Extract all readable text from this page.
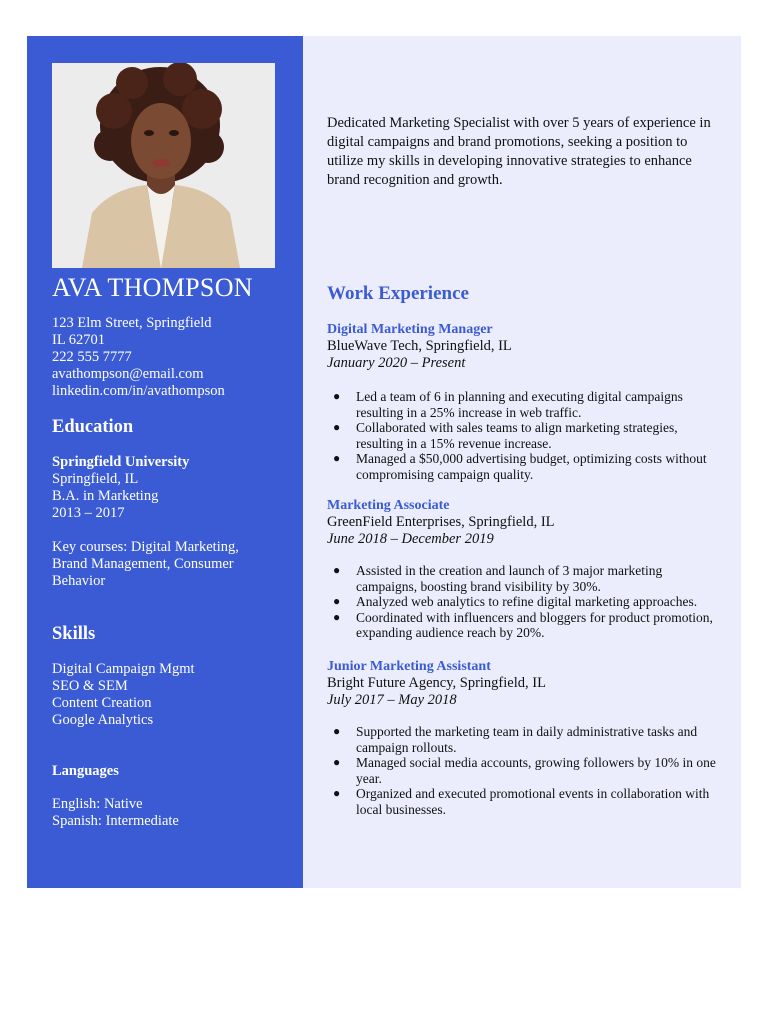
AVA THOMPSON
123 Elm Street, Springfield
IL 62701
222 555 7777
avathompson@email.com
linkedin.com/in/avathompson
Education
Springfield University
Springfield, IL
B.A. in Marketing
2013 – 2017
Key courses: Digital Marketing,
Brand Management, Consumer
Behavior
Skills
Digital Campaign Mgmt
SEO & SEM
Content Creation
Google Analytics
Languages
English: Native
Spanish: Intermediate
Dedicated Marketing Specialist with over 5 years of experience in digital campaigns and brand promotions, seeking a position to utilize my skills in developing innovative strategies to enhance brand recognition and growth.
Work Experience
Digital Marketing Manager
BlueWave Tech, Springfield, IL
January 2020 – Present
● Led a team of 6 in planning and executing digital campaigns resulting in a 25% increase in web traffic.
● Collaborated with sales teams to align marketing strategies, resulting in a 15% revenue increase.
● Managed a $50,000 advertising budget, optimizing costs without compromising campaign quality.
Marketing Associate
GreenField Enterprises, Springfield, IL
June 2018 – December 2019
● Assisted in the creation and launch of 3 major marketing campaigns, boosting brand visibility by 30%.
● Analyzed web analytics to refine digital marketing approaches.
● Coordinated with influencers and bloggers for product promotion, expanding audience reach by 20%.
Junior Marketing Assistant
Bright Future Agency, Springfield, IL
July 2017 – May 2018
● Supported the marketing team in daily administrative tasks and campaign rollouts.
● Managed social media accounts, growing followers by 10% in one year.
● Organized and executed promotional events in collaboration with local businesses.
